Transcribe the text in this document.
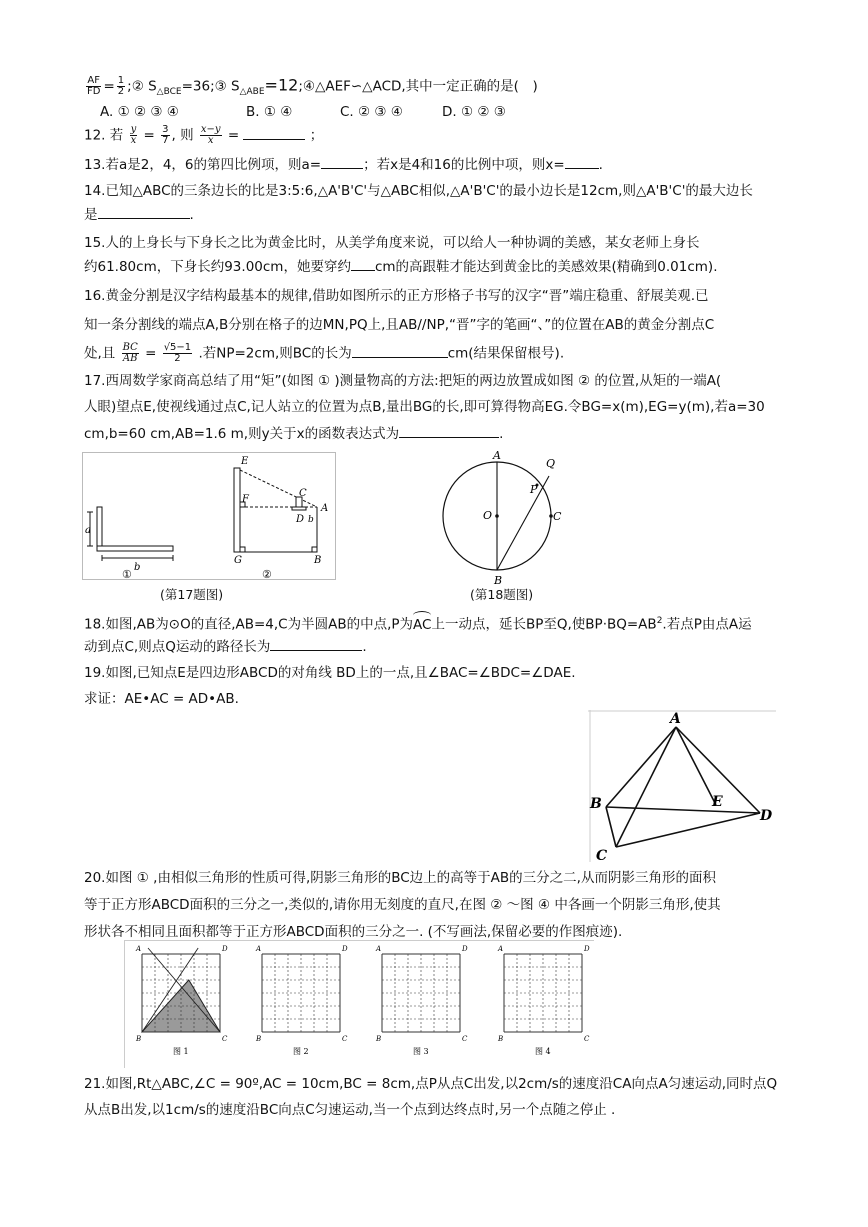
$\frac{AF}{FD} = \frac{1}{2}$ ;② $S_{\triangle BCE}=36;③$ $S_{\triangle ABE}=12;④\triangle AEF∽\triangle ACD$,其中一定正确的是(　)
A. ① ② ③ ④	B. ① ④	C. ② ③ ④	D. ① ② ③
12. 若 $\frac{y}{x} = \frac{3}{7}$ , 则 $\frac{x-y}{x}$ =	；
13.若a是2，4，6的第四比例项，则a=	；若x是4和16的比例中项，则x=	.
14.已知△ABC的三条边长的比是3:5:6,△A'B'C'与△ABC相似,△A'B'C'的最小边长是12cm,则△A'B'C'的最大边长
是	.
15.人的上身长与下身长之比为黄金比时，从美学角度来说，可以给人一种协调的美感，某女老师上身长
约61.80cm，下身长约93.00cm，她要穿约 cm的高跟鞋才能达到黄金比的美感效果(精确到0.01cm).
16.黄金分割是汉字结构最基本的规律,借助如图所示的正方形格子书写的汉字“晋”端庄稳重、舒展美观.已
知一条分割线的端点A,B分别在格子的边MN,PQ上,且AB//NP,“晋”字的笔画“、”的位置在AB的黄金分割点C
处,且 $\frac{BC}{AB} = \frac{√5-1}{2}$ .若NP=2cm,则BC的长为	cm(结果保留根号).
17.西周数学家商高总结了用“矩”(如图 ① )测量物高的方法:把矩的两边放置成如图 ② 的位置,从矩的一端A(
人眼)望点E,使视线通过点C,记人站立的位置为点B,量出BG的长,即可算得物高EG.令BG=x(m),EG=y(m),若a=30
cm,b=60 cm,AB=1.6 m,则y关于x的函数表达式为	.
a
b
①
E
F
C
A
D b
G	B
②
(第17题图)
A
Q
P
O	C
B
(第18题图)
18.如图,AB为⊙O的直径,AB=4,C为半圆AB的中点,P为
AC上一动点，延长BP至Q,使$BP\cdot BQ=AB^2$.若点P由点A运
动到点C,则点Q运动的路径长为	.
19.如图,已知点E是四边形ABCD的对角线 BD上的一点,且∠BAC=∠BDC=∠DAE.
求证：AE•AC = AD•AB.
A
B	E
D
C
20.如图 ① ,由相似三角形的性质可得,阴影三角形的BC边上的高等于AB的三分之二,从而阴影三角形的面积
等于正方形ABCD面积的三分之一,类似的,请你用无刻度的直尺,在图 ② ～图 ④ 中各画一个阴影三角形,使其
形状各不相同且面积都等于正方形ABCD面积的三分之一. (不写画法,保留必要的作图痕迹).
A	D
B	C
图 1
A	D
B	C
图 2
A	D
B	C
图 3
A	D
B	C
图 4
21.如图,Rt△ABC,∠C = 90º,AC = 10cm,BC = 8cm,点P从点C出发,以2cm/s的速度沿CA向点A匀速运动,同时点Q
从点B出发,以1cm/s的速度沿BC向点C匀速运动,当一个点到达终点时,另一个点随之停止 .
